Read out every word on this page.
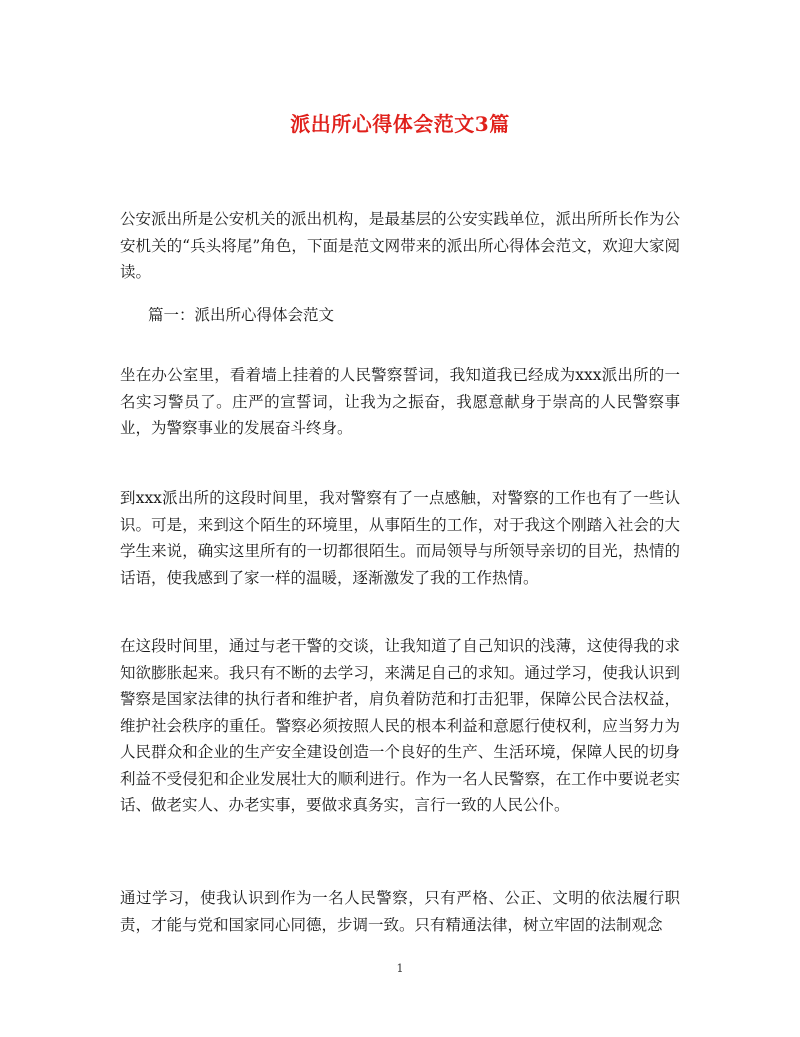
派出所心得体会范文3篇

公安派出所是公安机关的派出机构，是最基层的公安实践单位，派出所所长作为公安机关的“兵头将尾”角色，下面是范文网带来的派出所心得体会范文，欢迎大家阅读。

篇一：派出所心得体会范文

坐在办公室里，看着墙上挂着的人民警察誓词，我知道我已经成为xxx派出所的一名实习警员了。庄严的宣誓词，让我为之振奋，我愿意献身于崇高的人民警察事业，为警察事业的发展奋斗终身。

到xxx派出所的这段时间里，我对警察有了一点感触，对警察的工作也有了一些认识。可是，来到这个陌生的环境里，从事陌生的工作，对于我这个刚踏入社会的大学生来说，确实这里所有的一切都很陌生。而局领导与所领导亲切的目光，热情的话语，使我感到了家一样的温暖，逐渐激发了我的工作热情。

在这段时间里，通过与老干警的交谈，让我知道了自己知识的浅薄，这使得我的求知欲膨胀起来。我只有不断的去学习，来满足自己的求知。通过学习，使我认识到警察是国家法律的执行者和维护者，肩负着防范和打击犯罪，保障公民合法权益，维护社会秩序的重任。警察必须按照人民的根本利益和意愿行使权利，应当努力为人民群众和企业的生产安全建设创造一个良好的生产、生活环境，保障人民的切身利益不受侵犯和企业发展壮大的顺利进行。作为一名人民警察，在工作中要说老实话、做老实人、办老实事，要做求真务实，言行一致的人民公仆。

通过学习，使我认识到作为一名人民警察，只有严格、公正、文明的依法履行职责，才能与党和国家同心同德，步调一致。只有精通法律，树立牢固的法制观念

1
